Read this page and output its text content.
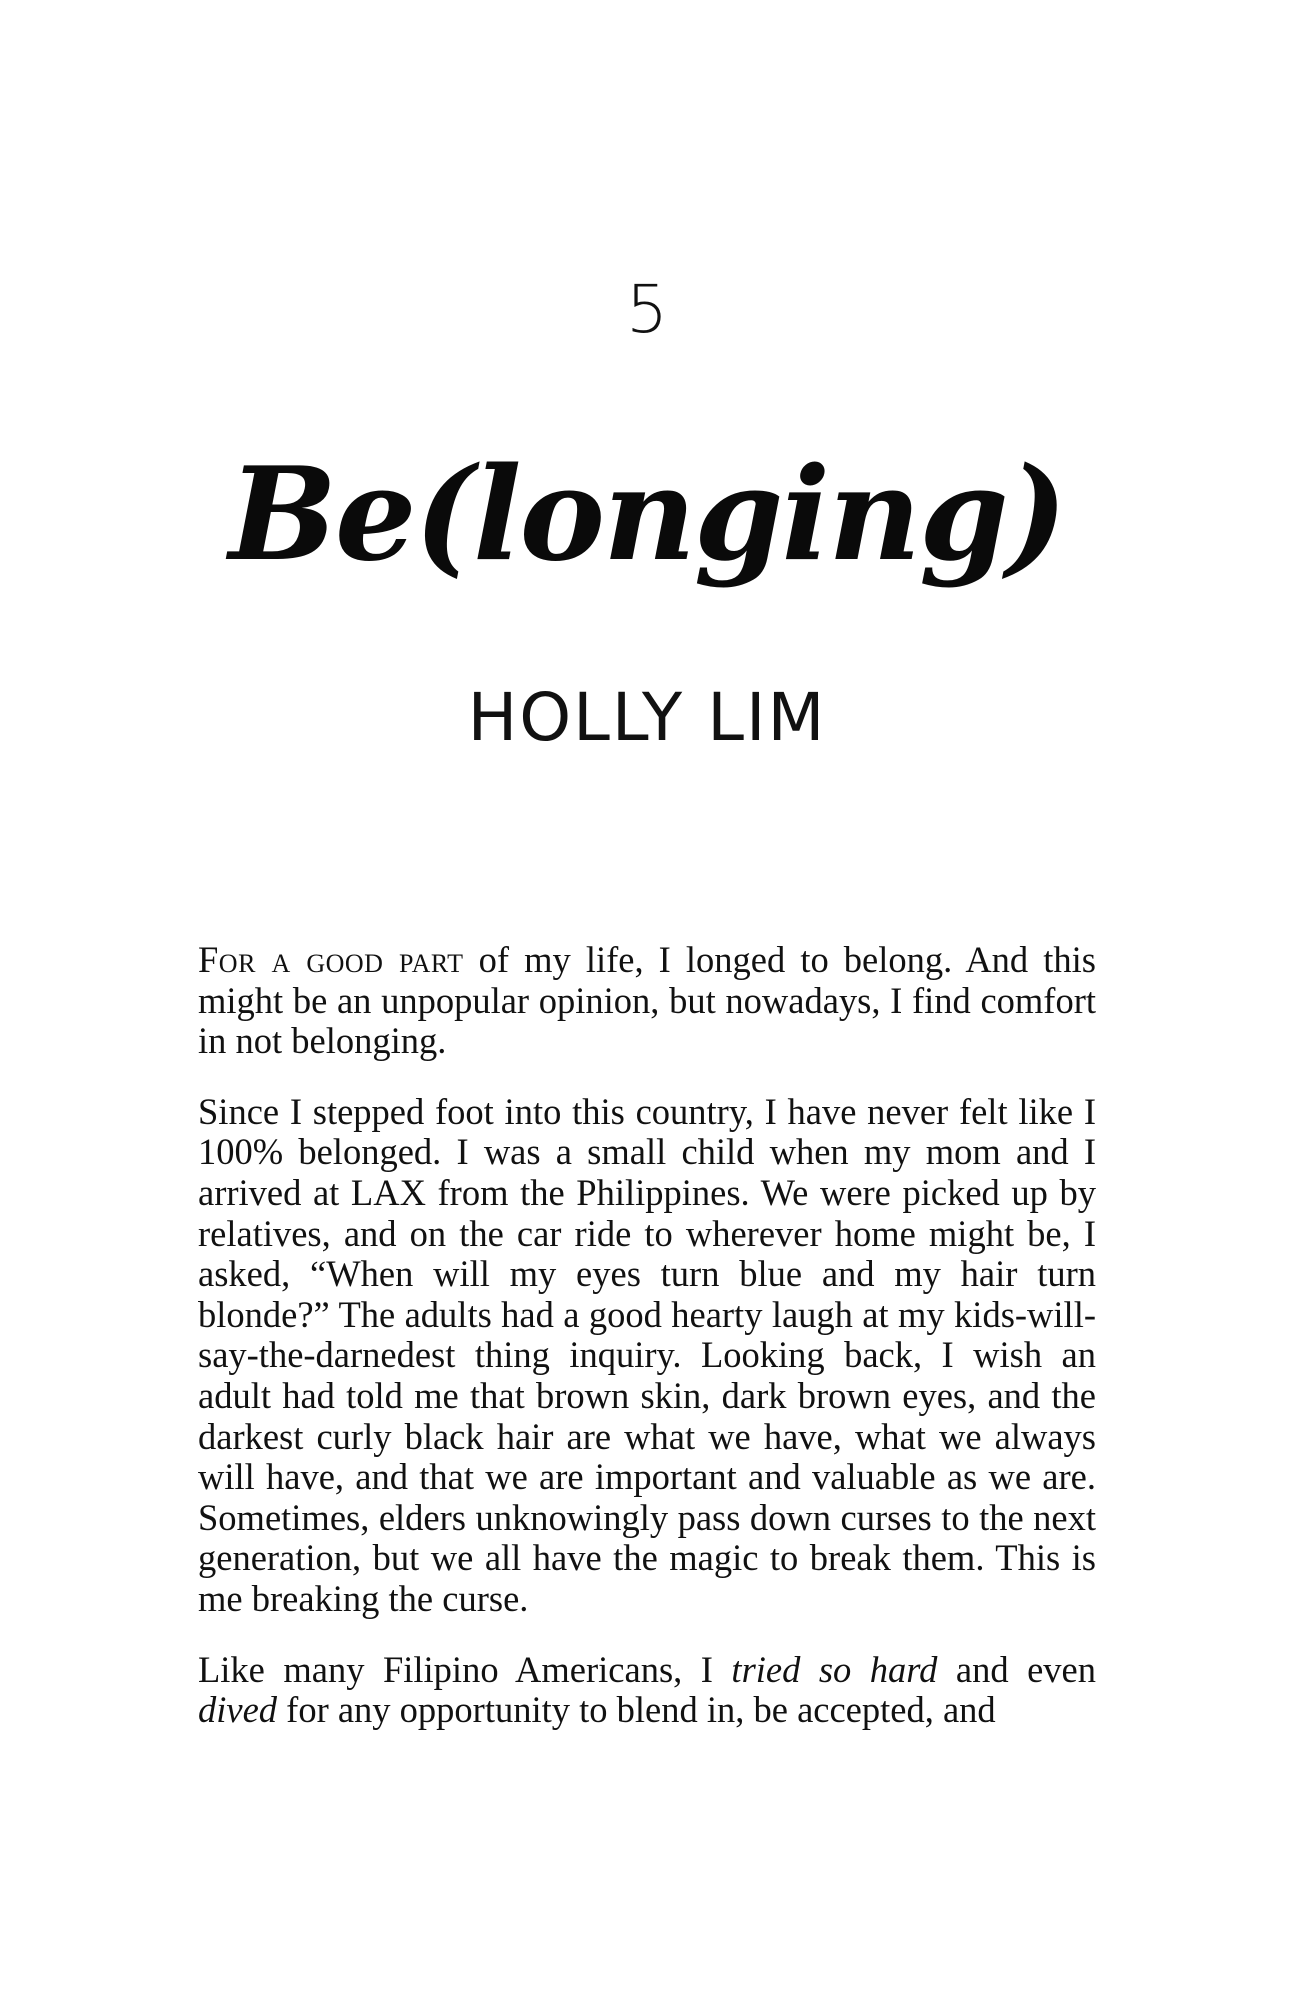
5
Be(longing)
HOLLY LIM

For a good part of my life, I longed to belong. And this might be an unpopular opinion, but nowadays, I find comfort in not belonging.

Since I stepped foot into this country, I have never felt like I 100% belonged. I was a small child when my mom and I arrived at LAX from the Philippines. We were picked up by relatives, and on the car ride to wherever home might be, I asked, “When will my eyes turn blue and my hair turn blonde?” The adults had a good hearty laugh at my kids-will-say-the-darnedest thing inquiry. Looking back, I wish an adult had told me that brown skin, dark brown eyes, and the darkest curly black hair are what we have, what we always will have, and that we are important and valuable as we are. Sometimes, elders unknowingly pass down curses to the next generation, but we all have the magic to break them. This is me breaking the curse.

Like many Filipino Americans, I tried so hard and even dived for any opportunity to blend in, be accepted, and
